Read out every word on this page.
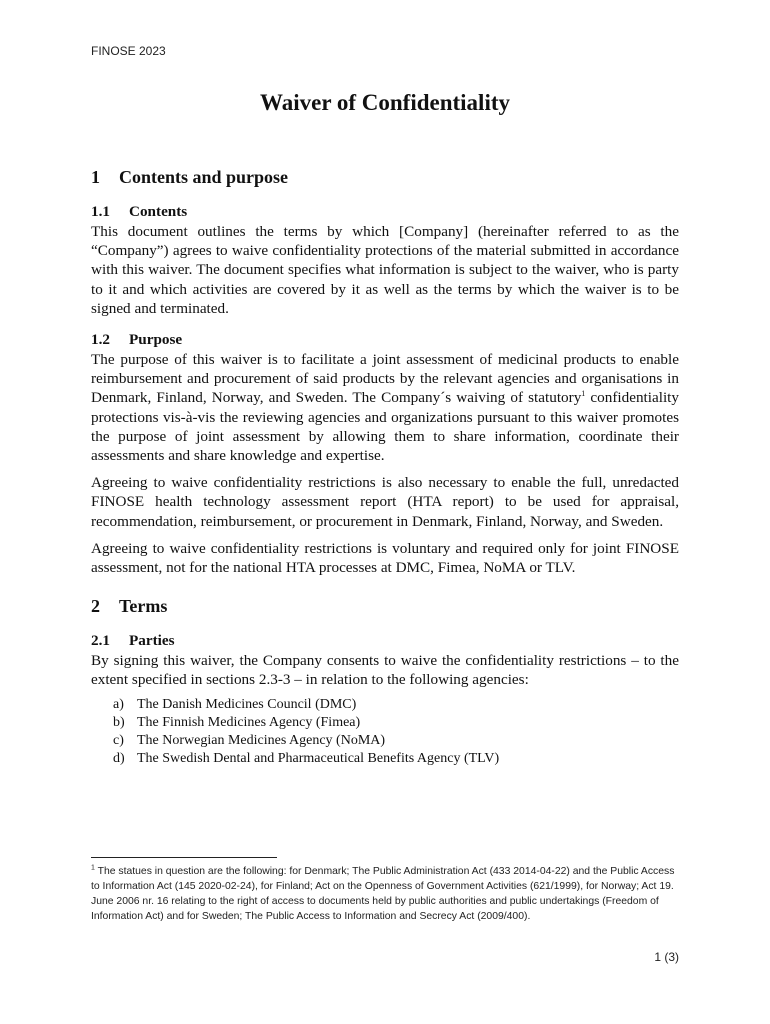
FINOSE 2023
Waiver of Confidentiality
1	Contents and purpose
1.1	Contents

This document outlines the terms by which [Company] (hereinafter referred to as the “Company”) agrees to waive confidentiality protections of the material submitted in accordance with this waiver. The document specifies what information is subject to the waiver, who is party to it and which activities are covered by it as well as the terms by which the waiver is to be signed and terminated.

1.2	Purpose

The purpose of this waiver is to facilitate a joint assessment of medicinal products to enable reimbursement and procurement of said products by the relevant agencies and organisations in Denmark, Finland, Norway, and Sweden. The Company´s waiving of statutory$^1$ confidentiality protections vis-à-vis the reviewing agencies and organizations pursuant to this waiver promotes the purpose of joint assessment by allowing them to share information, coordinate their assessments and share knowledge and expertise.

Agreeing to waive confidentiality restrictions is also necessary to enable the full, unredacted FINOSE health technology assessment report (HTA report) to be used for appraisal, recommendation, reimbursement, or procurement in Denmark, Finland, Norway, and Sweden.

Agreeing to waive confidentiality restrictions is voluntary and required only for joint FINOSE assessment, not for the national HTA processes at DMC, Fimea, NoMA or TLV.

2	Terms
2.1	Parties

By signing this waiver, the Company consents to waive the confidentiality restrictions – to the extent specified in sections 2.3-3 – in relation to the following agencies:

a) The Danish Medicines Council (DMC)
b) The Finnish Medicines Agency (Fimea)
c) The Norwegian Medicines Agency (NoMA)
d) The Swedish Dental and Pharmaceutical Benefits Agency (TLV)
$^1$ The statues in question are the following: for Denmark; The Public Administration Act (433 2014-04-22) and the Public Access to Information Act (145 2020-02-24), for Finland; Act on the Openness of Government Activities (621/1999), for Norway; Act 19. June 2006 nr. 16 relating to the right of access to documents held by public authorities and public undertakings (Freedom of Information Act) and for Sweden; The Public Access to Information and Secrecy Act (2009/400).
1 (3)
